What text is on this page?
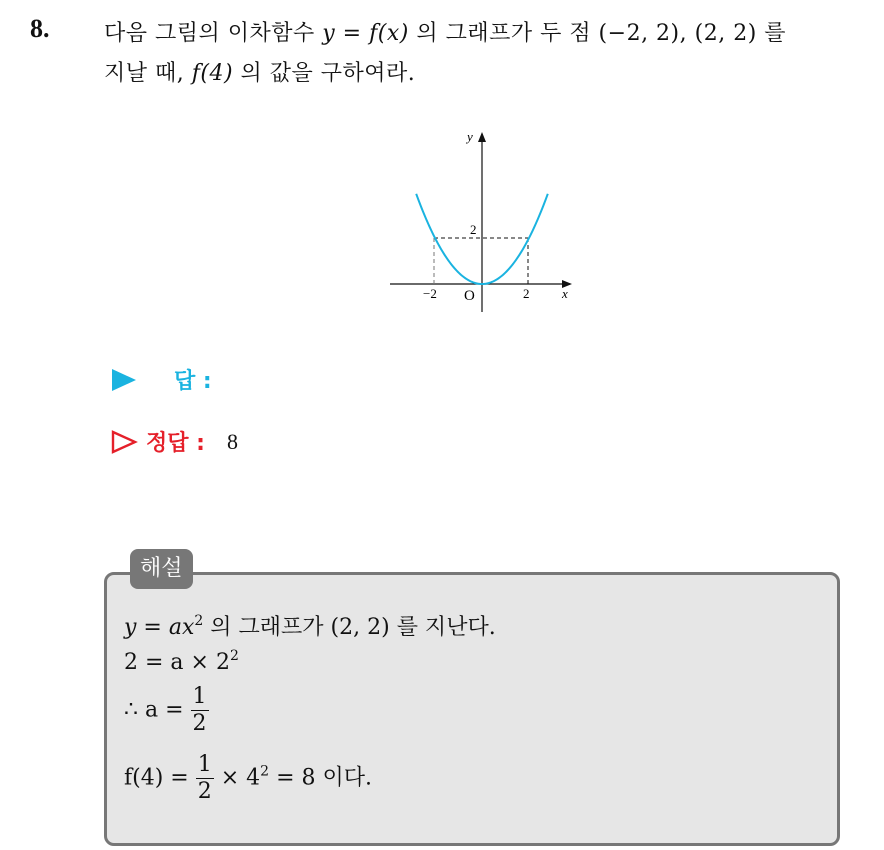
8. 다음 그림의 이차함수 y = f(x) 의 그래프가 두 점 (−2, 2), (2, 2) 를
지날 때, f(4) 의 값을 구하여라.
y
x
O
−2	2
2
답 :
정답 : 8
해설
$y = ax^2$ 의 그래프가 (2, 2) 를 지난다.
$2 = a \times 2^2$
∴ $a = \frac{1}{2}$
$f(4) = \frac{1}{2} \times 4^2 = 8$ 이다.
